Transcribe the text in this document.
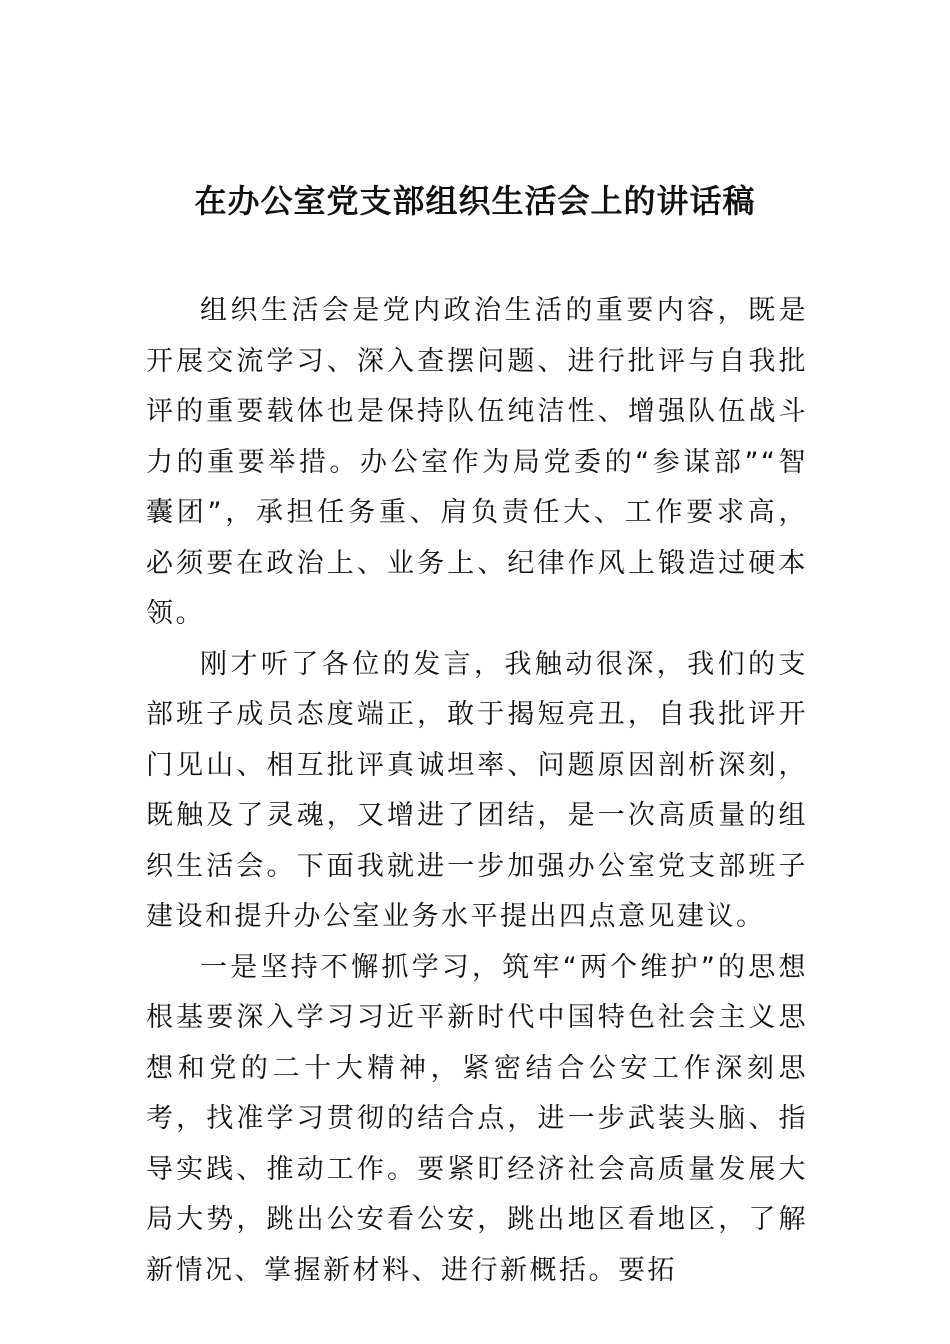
在办公室党支部组织生活会上的讲话稿

组织生活会是党内政治生活的重要内容，既是开展交流学习、深入查摆问题、进行批评与自我批评的重要载体也是保持队伍纯洁性、增强队伍战斗力的重要举措。办公室作为局党委的“参谋部”“智囊团”，承担任务重、肩负责任大、工作要求高，必须要在政治上、业务上、纪律作风上锻造过硬本领。

刚才听了各位的发言，我触动很深，我们的支部班子成员态度端正，敢于揭短亮丑，自我批评开门见山、相互批评真诚坦率、问题原因剖析深刻，既触及了灵魂，又增进了团结，是一次高质量的组织生活会。下面我就进一步加强办公室党支部班子建设和提升办公室业务水平提出四点意见建议。

一是坚持不懈抓学习，筑牢“两个维护”的思想根基要深入学习习近平新时代中国特色社会主义思想和党的二十大精神，紧密结合公安工作深刻思考，找准学习贯彻的结合点，进一步武装头脑、指导实践、推动工作。要紧盯经济社会高质量发展大局大势，跳出公安看公安，跳出地区看地区，了解新情况、掌握新材料、进行新概括。要拓
